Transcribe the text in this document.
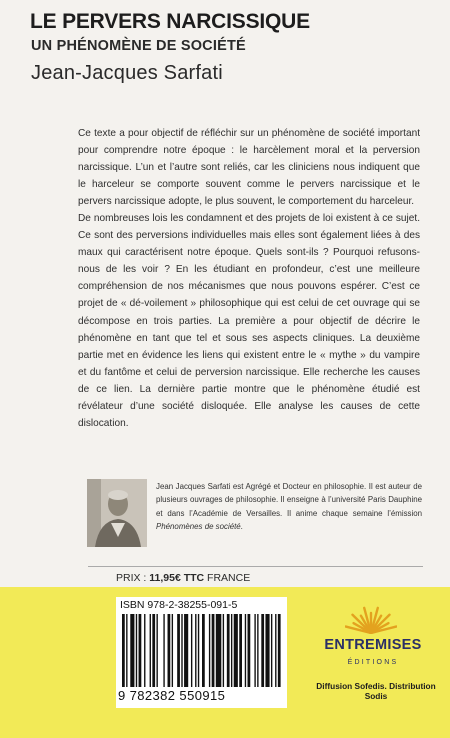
LE PERVERS NARCISSIQUE
UN PHÉNOMÈNE DE SOCIÉTÉ
Jean-Jacques Sarfati

Ce texte a pour objectif de réfléchir sur un phénomène de société important pour comprendre notre époque : le harcèlement moral et la perversion narcissique. L’un et l’autre sont reliés, car les cliniciens nous indiquent que le harceleur se comporte souvent comme le pervers narcissique et le pervers narcissique adopte, le plus souvent, le comportement du harceleur.

De nombreuses lois les condamnent et des projets de loi existent à ce sujet. Ce sont des perversions individuelles mais elles sont également liées à des maux qui caractérisent notre époque. Quels sont-ils ? Pourquoi refusons-nous de les voir ? En les étudiant en profondeur, c’est une meilleure compréhension de nos mécanismes que nous pouvons espérer. C’est ce projet de « dé-voilement » philosophique qui est celui de cet ouvrage qui se décompose en trois parties. La première a pour objectif de décrire le phénomène en tant que tel et sous ses aspects cliniques. La deuxième partie met en évidence les liens qui existent entre le « mythe » du vampire et du fantôme et celui de perversion narcissique. Elle recherche les causes de ce lien. La dernière partie montre que le phénomène étudié est révélateur d’une société disloquée. Elle analyse les causes de cette dislocation.

Jean Jacques Sarfati est Agrégé et Docteur en philosophie. Il est auteur de plusieurs ouvrages de philosophie. Il enseigne à l’université Paris Dauphine et dans l’Académie de Versailles. Il anime chaque semaine l’émission Phénomènes de société.

PRIX : 11,95€ TTC FRANCE
ISBN 978-2-38255-091-5
9 782382 550915
ENTREMISES
ÉDITIONS
Diffusion Sofedis. Distribution Sodis
